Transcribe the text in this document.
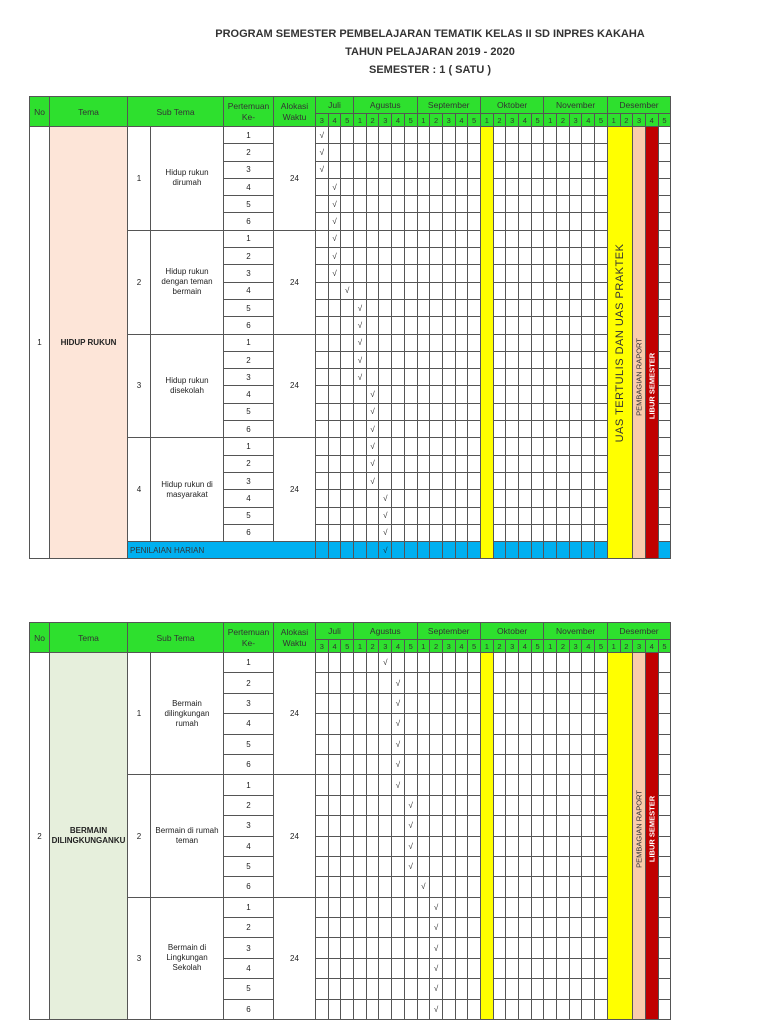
PROGRAM SEMESTER PEMBELAJARAN TEMATIK KELAS II SD INPRES KAKAHA
TAHUN PELAJARAN 2019 - 2020
SEMESTER : 1 ( SATU )
No	Tema	Sub Tema		Pertemuan Ke-	Alokasi Waktu	Juli			Agustus					September					Oktober					November					Desember				
						3	4	5	1	2	3	4	5	1	2	3	4	5	1	2	3	4	5	1	2	3	4	5	1	2	3	4	5
1	HIDUP RUKUN	1	Hidup rukun dirumah	1	24	√																							UAS TERTULIS DAN UAS PRAKTEK		PEMBAGIAN RAPORT	LIBUR SEMESTER	

				2		√																											
				3		√																											
				4			√																										
				5			√																										
				6			√																										
		2	Hidup rukun dengan teman bermain	1	24		√																										
				2			√																										
				3			√																										
				4				√																									
				5					√																								
				6					√																								
		3	Hidup rukun disekolah	1	24				√																								
				2					√																								
				3					√																								
				4						√																							
				5						√																							
				6						√																							
		4	Hidup rukun di masyarakat	1	24					√																							
				2						√																							
				3						√																							
				4							√																						
				5							√																						
				6							√																						
		PENILAIAN HARIAN									√																						
No	Tema	Sub Tema		Pertemuan Ke-	Alokasi Waktu	Juli			Agustus					September					Oktober					November					Desember				
						3	4	5	1	2	3	4	5	1	2	3	4	5	1	2	3	4	5	1	2	3	4	5	1	2	3	4	5
2	BERMAIN DILINGKUNGANKU	1	Bermain dilingkungan rumah	1	24						√																				PEMBAGIAN RAPORT	LIBUR SEMESTER	

				2								√																					
				3								√																					
				4								√																					
				5								√																					
				6								√																					
		2	Bermain di rumah teman	1	24							√																					
				2									√																				
				3									√																				
				4									√																				
				5									√																				
				6										√																			
		3	Bermain di Lingkungan Sekolah	1	24										√																		
				2											√																		
				3											√																		
				4											√																		
				5											√																		
				6											√																		
